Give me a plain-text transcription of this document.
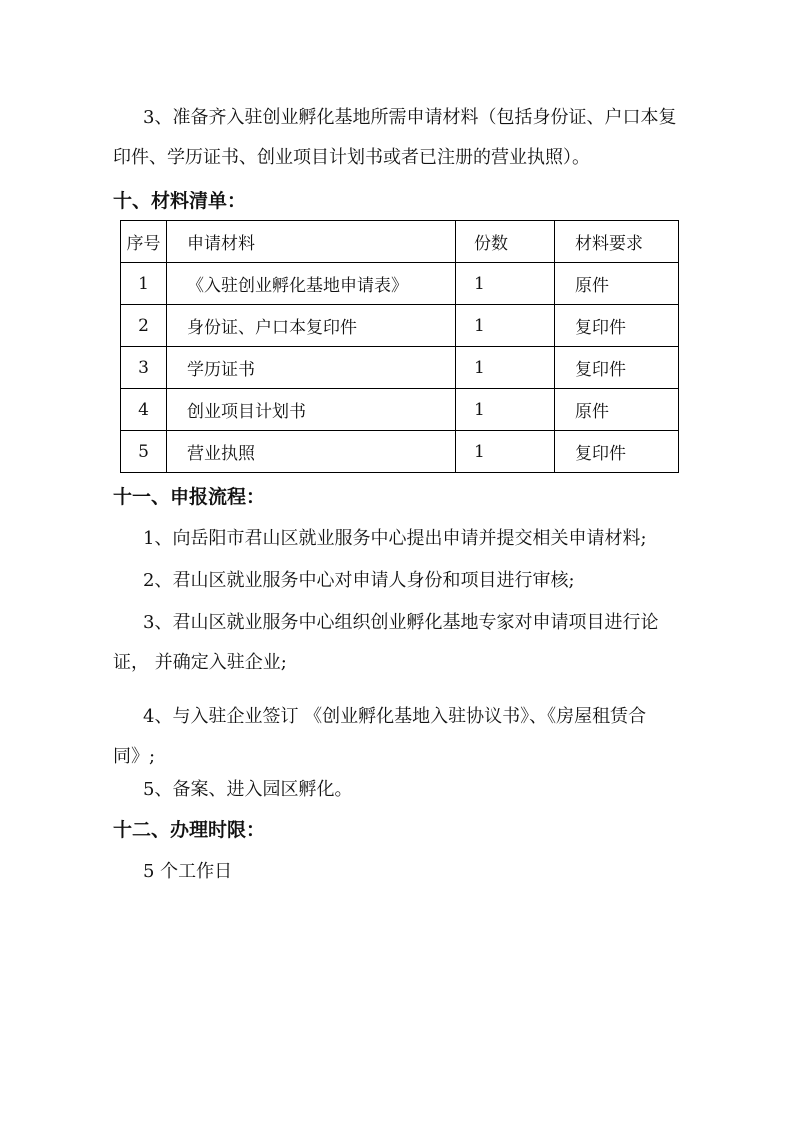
3、准备齐入驻创业孵化基地所需申请材料（包括身份证、户口本复印件、学历证书、创业项目计划书或者已注册的营业执照）。

十、材料清单：
序号	申请材料	份数	材料要求
1	《入驻创业孵化基地申请表》	1	原件
2	身份证、户口本复印件	1	复印件
3	学历证书	1	复印件
4	创业项目计划书	1	原件
5	营业执照	1	复印件
十一、申报流程：

1、向岳阳市君山区就业服务中心提出申请并提交相关申请材料;

2、君山区就业服务中心对申请人身份和项目进行审核;

3、君山区就业服务中心组织创业孵化基地专家对申请项目进行论证， 并确定入驻企业;

4、与入驻企业签订 《创业孵化基地入驻协议书》、《房屋租赁合同》;

5、备案、进入园区孵化。

十二、办理时限：

5 个工作日
